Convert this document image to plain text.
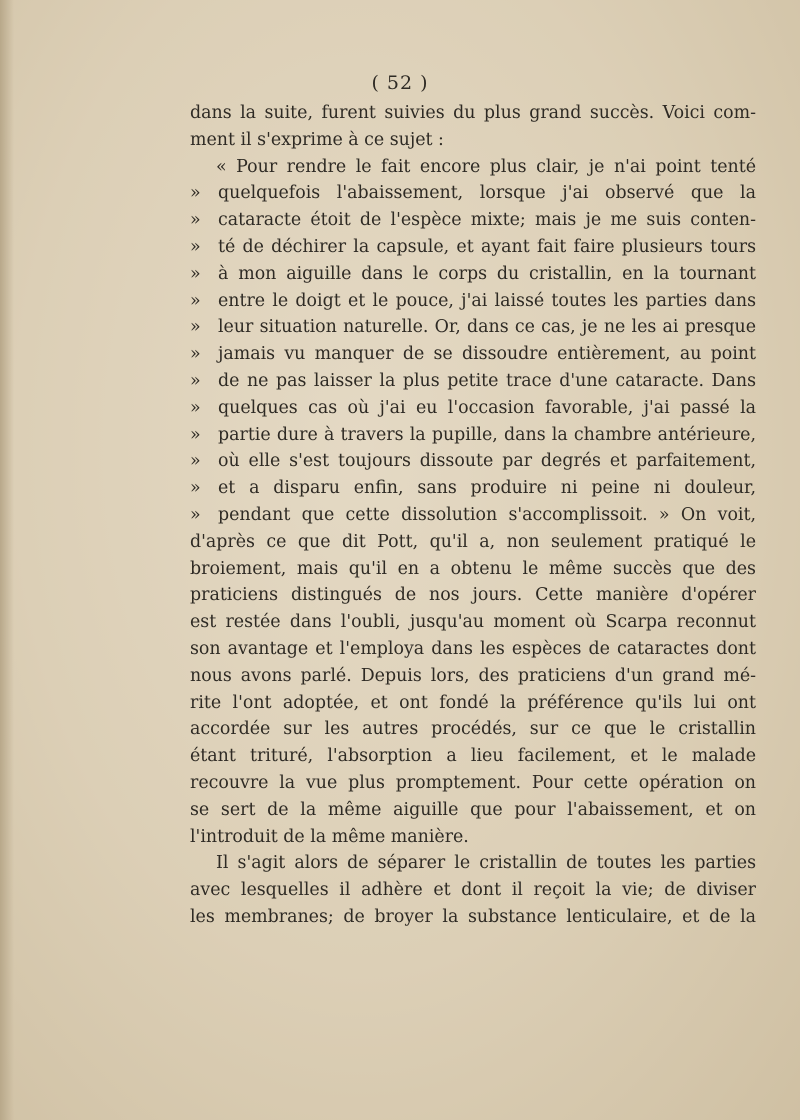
( 52 )
dans la suite, furent suivies du plus grand succès. Voici com-
ment il s'exprime à ce sujet :
« Pour rendre le fait encore plus clair, je n'ai point tenté
» quelquefois l'abaissement, lorsque j'ai observé que la
» cataracte étoit de l'espèce mixte; mais je me suis conten-
» té de déchirer la capsule, et ayant fait faire plusieurs tours
» à mon aiguille dans le corps du cristallin, en la tournant
» entre le doigt et le pouce, j'ai laissé toutes les parties dans
» leur situation naturelle. Or, dans ce cas, je ne les ai presque
» jamais vu manquer de se dissoudre entièrement, au point
» de ne pas laisser la plus petite trace d'une cataracte. Dans
» quelques cas où j'ai eu l'occasion favorable, j'ai passé la
» partie dure à travers la pupille, dans la chambre antérieure,
» où elle s'est toujours dissoute par degrés et parfaitement,
» et a disparu enfin, sans produire ni peine ni douleur,
» pendant que cette dissolution s'accomplissoit. » On voit,
d'après ce que dit Pott, qu'il a, non seulement pratiqué le
broiement, mais qu'il en a obtenu le même succès que des
praticiens distingués de nos jours. Cette manière d'opérer
est restée dans l'oubli, jusqu'au moment où Scarpa reconnut
son avantage et l'employa dans les espèces de cataractes dont
nous avons parlé. Depuis lors, des praticiens d'un grand mé-
rite l'ont adoptée, et ont fondé la préférence qu'ils lui ont
accordée sur les autres procédés, sur ce que le cristallin
étant trituré, l'absorption a lieu facilement, et le malade
recouvre la vue plus promptement. Pour cette opération on
se sert de la même aiguille que pour l'abaissement, et on
l'introduit de la même manière.
Il s'agit alors de séparer le cristallin de toutes les parties
avec lesquelles il adhère et dont il reçoit la vie; de diviser
les membranes; de broyer la substance lenticulaire, et de la
